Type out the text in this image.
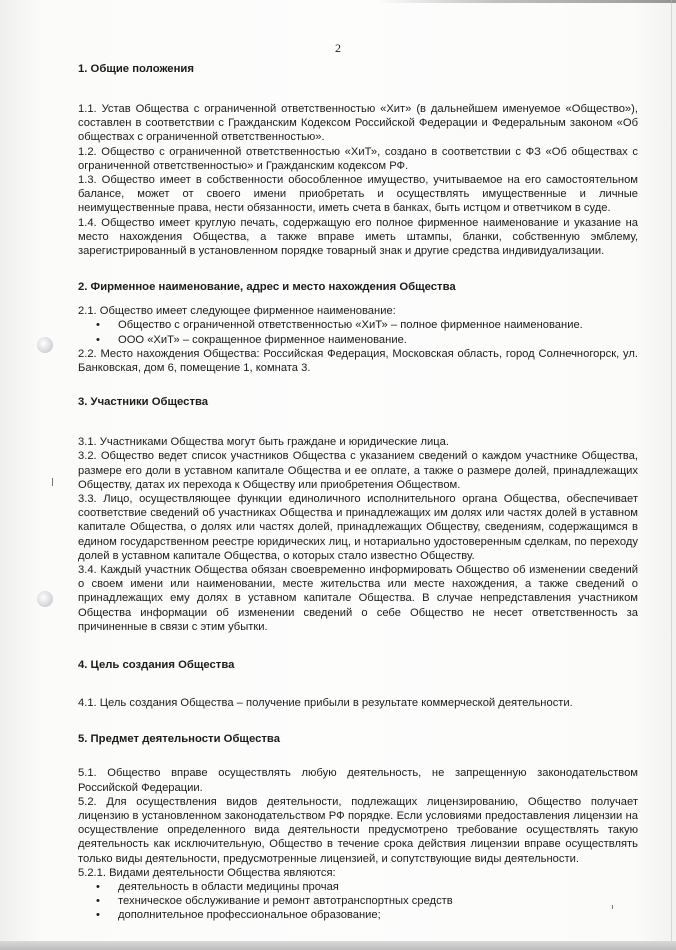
2
1. Общие положения

1.1. Устав Общества с ограниченной ответственностью «Хит» (в дальнейшем именуемое «Общество»), составлен в соответствии с Гражданским Кодексом Российской Федерации и Федеральным законом «Об обществах с ограниченной ответственностью».

1.2. Общество с ограниченной ответственностью «ХиТ», создано в соответствии с ФЗ «Об обществах с ограниченной ответственностью» и Гражданским кодексом РФ.

1.3. Общество имеет в собственности обособленное имущество, учитываемое на его самостоятельном балансе, может от своего имени приобретать и осуществлять имущественные и личные неимущественные права, нести обязанности, иметь счета в банках, быть истцом и ответчиком в суде.

1.4. Общество имеет круглую печать, содержащую его полное фирменное наименование и указание на место нахождения Общества, а также вправе иметь штампы, бланки, собственную эмблему, зарегистрированный в установленном порядке товарный знак и другие средства индивидуализации.

2. Фирменное наименование, адрес и место нахождения Общества

2.1. Общество имеет следующее фирменное наименование:

• Общество с ограниченной ответственностью «ХиТ» – полное фирменное наименование.
• ООО «ХиТ» – сокращенное фирменное наименование.

2.2. Место нахождения Общества: Российская Федерация, Московская область, город Солнечногорск, ул. Банковская, дом 6, помещение 1, комната 3.

3. Участники Общества

3.1. Участниками Общества могут быть граждане и юридические лица.

3.2. Общество ведет список участников Общества с указанием сведений о каждом участнике Общества, размере его доли в уставном капитале Общества и ее оплате, а также о размере долей, принадлежащих Обществу, датах их перехода к Обществу или приобретения Обществом.

3.3. Лицо, осуществляющее функции единоличного исполнительного органа Общества, обеспечивает соответствие сведений об участниках Общества и принадлежащих им долях или частях долей в уставном капитале Общества, о долях или частях долей, принадлежащих Обществу, сведениям, содержащимся в едином государственном реестре юридических лиц, и нотариально удостоверенным сделкам, по переходу долей в уставном капитале Общества, о которых стало известно Обществу.

3.4. Каждый участник Общества обязан своевременно информировать Общество об изменении сведений о своем имени или наименовании, месте жительства или месте нахождения, а также сведений о принадлежащих ему долях в уставном капитале Общества. В случае непредставления участником Общества информации об изменении сведений о себе Общество не несет ответственность за причиненные в связи с этим убытки.

4. Цель создания Общества

4.1. Цель создания Общества – получение прибыли в результате коммерческой деятельности.

5. Предмет деятельности Общества

5.1. Общество вправе осуществлять любую деятельность, не запрещенную законодательством Российской Федерации.

5.2. Для осуществления видов деятельности, подлежащих лицензированию, Общество получает лицензию в установленном законодательством РФ порядке. Если условиями предоставления лицензии на осуществление определенного вида деятельности предусмотрено требование осуществлять такую деятельность как исключительную, Общество в течение срока действия лицензии вправе осуществлять только виды деятельности, предусмотренные лицензией, и сопутствующие виды деятельности.

5.2.1. Видами деятельности Общества являются:

• деятельность в области медицины прочая
• техническое обслуживание и ремонт автотранспортных средств
• дополнительное профессиональное образование;
